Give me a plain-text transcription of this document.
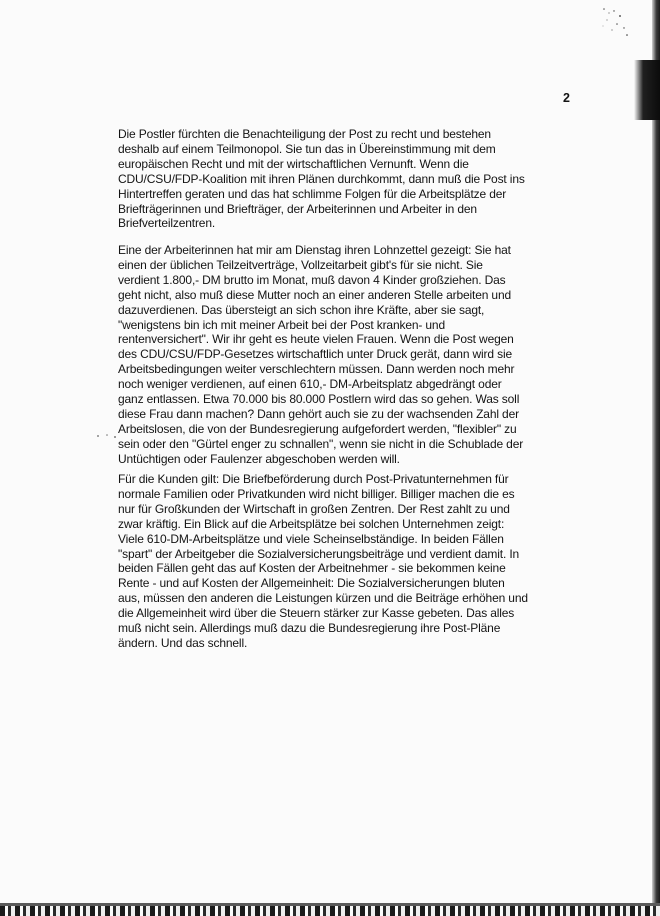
2

Die Postler fürchten die Benachteiligung der Post zu recht und bestehen
deshalb auf einem Teilmonopol. Sie tun das in Übereinstimmung mit dem
europäischen Recht und mit der wirtschaftlichen Vernunft. Wenn die
CDU/CSU/FDP-Koalition mit ihren Plänen durchkommt, dann muß die Post ins
Hintertreffen geraten und das hat schlimme Folgen für die Arbeitsplätze der
Briefträgerinnen und Briefträger, der Arbeiterinnen und Arbeiter in den
Briefverteilzentren.

Eine der Arbeiterinnen hat mir am Dienstag ihren Lohnzettel gezeigt: Sie hat
einen der üblichen Teilzeitverträge, Vollzeitarbeit gibt's für sie nicht. Sie
verdient 1.800,- DM brutto im Monat, muß davon 4 Kinder großziehen. Das
geht nicht, also muß diese Mutter noch an einer anderen Stelle arbeiten und
dazuverdienen. Das übersteigt an sich schon ihre Kräfte, aber sie sagt,
"wenigstens bin ich mit meiner Arbeit bei der Post kranken- und
rentenversichert". Wir ihr geht es heute vielen Frauen. Wenn die Post wegen
des CDU/CSU/FDP-Gesetzes wirtschaftlich unter Druck gerät, dann wird sie
Arbeitsbedingungen weiter verschlechtern müssen. Dann werden noch mehr
noch weniger verdienen, auf einen 610,- DM-Arbeitsplatz abgedrängt oder
ganz entlassen. Etwa 70.000 bis 80.000 Postlern wird das so gehen. Was soll
diese Frau dann machen? Dann gehört auch sie zu der wachsenden Zahl der
Arbeitslosen, die von der Bundesregierung aufgefordert werden, "flexibler" zu
sein oder den "Gürtel enger zu schnallen", wenn sie nicht in die Schublade der
Untüchtigen oder Faulenzer abgeschoben werden will.

Für die Kunden gilt: Die Briefbeförderung durch Post-Privatunternehmen für
normale Familien oder Privatkunden wird nicht billiger. Billiger machen die es
nur für Großkunden der Wirtschaft in großen Zentren. Der Rest zahlt zu und
zwar kräftig. Ein Blick auf die Arbeitsplätze bei solchen Unternehmen zeigt:
Viele 610-DM-Arbeitsplätze und viele Scheinselbständige. In beiden Fällen
"spart" der Arbeitgeber die Sozialversicherungsbeiträge und verdient damit. In
beiden Fällen geht das auf Kosten der Arbeitnehmer - sie bekommen keine
Rente - und auf Kosten der Allgemeinheit: Die Sozialversicherungen bluten
aus, müssen den anderen die Leistungen kürzen und die Beiträge erhöhen und
die Allgemeinheit wird über die Steuern stärker zur Kasse gebeten. Das alles
muß nicht sein. Allerdings muß dazu die Bundesregierung ihre Post-Pläne
ändern. Und das schnell.
